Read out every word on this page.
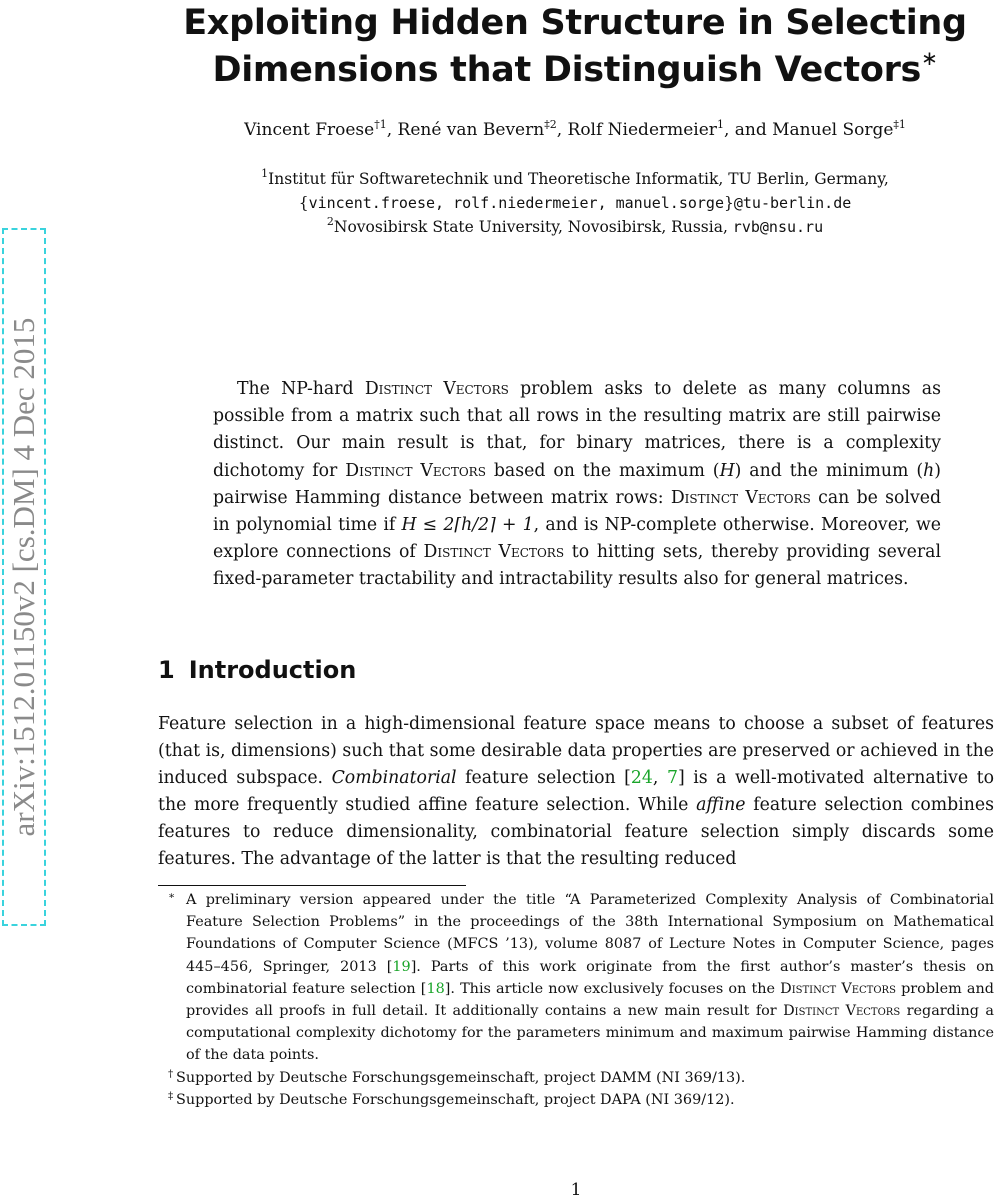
arXiv:1512.01150v2 [cs.DM] 4 Dec 2015
Exploiting Hidden Structure in Selecting
Dimensions that Distinguish Vectors∗
Vincent Froese$^{\dagger 1}$, René van Bevern$^{\ddagger 2}$, Rolf Niedermeier$^1$, and Manuel Sorge$^{\ddagger 1}$
$^1$Institut für Softwaretechnik und Theoretische Informatik, TU Berlin, Germany,
{vincent.froese, rolf.niedermeier, manuel.sorge}@tu-berlin.de
$^2$Novosibirsk State University, Novosibirsk, Russia, rvb@nsu.ru

The NP-hard Distinct Vectors problem asks to delete as many columns as possible from a matrix such that all rows in the resulting matrix are still pairwise distinct. Our main result is that, for binary matrices, there is a complexity dichotomy for Distinct Vectors based on the maximum (H) and the minimum (h) pairwise Hamming distance between matrix rows: Distinct Vectors can be solved in polynomial time if H ≤ 2⌈h/2⌉ + 1, and is NP-complete otherwise. Moreover, we explore connections of Distinct Vectors to hitting sets, thereby providing several fixed-parameter tractability and intractability results also for general matrices.

1 Introduction

Feature selection in a high-dimensional feature space means to choose a subset of features (that is, dimensions) such that some desirable data properties are preserved or achieved in the induced subspace. Combinatorial feature selection [24, 7] is a well-motivated alternative to the more frequently studied affine feature selection. While affine feature selection combines features to reduce dimensionality, combinatorial feature selection simply discards some features. The advantage of the latter is that the resulting reduced

∗ A preliminary version appeared under the title “A Parameterized Complexity Analysis of Combinatorial Feature Selection Problems” in the proceedings of the 38th International Symposium on Mathematical Foundations of Computer Science (MFCS ’13), volume 8087 of Lecture Notes in Computer Science, pages 445–456, Springer, 2013 [19]. Parts of this work originate from the first author’s master’s thesis on combinatorial feature selection [18]. This article now exclusively focuses on the Distinct Vectors problem and provides all proofs in full detail. It additionally contains a new main result for Distinct Vectors regarding a computational complexity dichotomy for the parameters minimum and maximum pairwise Hamming distance of the data points.

† Supported by Deutsche Forschungsgemeinschaft, project DAMM (NI 369/13).

‡ Supported by Deutsche Forschungsgemeinschaft, project DAPA (NI 369/12).

1
